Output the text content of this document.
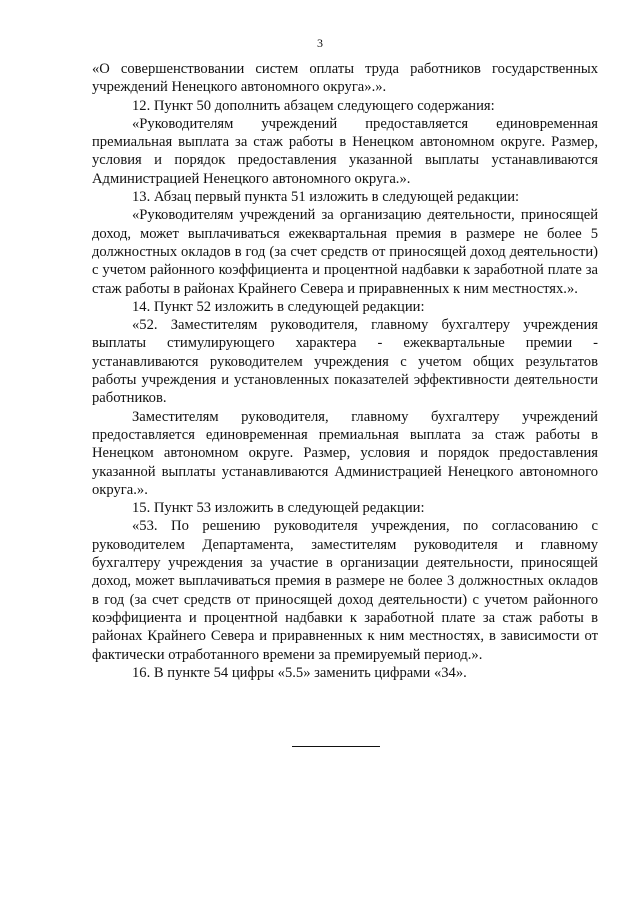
3

«О совершенствовании систем оплаты труда работников государственных учреждений Ненецкого автономного округа».».

12. Пункт 50 дополнить абзацем следующего содержания:

«Руководителям учреждений предоставляется единовременная премиальная выплата за стаж работы в Ненецком автономном округе. Размер, условия и порядок предоставления указанной выплаты устанавливаются Администрацией Ненецкого автономного округа.».

13. Абзац первый пункта 51 изложить в следующей редакции:

«Руководителям учреждений за организацию деятельности, приносящей доход, может выплачиваться ежеквартальная премия в размере не более 5 должностных окладов в год (за счет средств от приносящей доход деятельности) с учетом районного коэффициента и процентной надбавки к заработной плате за стаж работы в районах Крайнего Севера и приравненных к ним местностях.».

14. Пункт 52 изложить в следующей редакции:

«52. Заместителям руководителя, главному бухгалтеру учреждения выплаты стимулирующего характера - ежеквартальные премии - устанавливаются руководителем учреждения с учетом общих результатов работы учреждения и установленных показателей эффективности деятельности работников.

Заместителям руководителя, главному бухгалтеру учреждений предоставляется единовременная премиальная выплата за стаж работы в Ненецком автономном округе. Размер, условия и порядок предоставления указанной выплаты устанавливаются Администрацией Ненецкого автономного округа.».

15. Пункт 53 изложить в следующей редакции:

«53. По решению руководителя учреждения, по согласованию с руководителем Департамента, заместителям руководителя и главному бухгалтеру учреждения за участие в организации деятельности, приносящей доход, может выплачиваться премия в размере не более 3 должностных окладов в год (за счет средств от приносящей доход деятельности) с учетом районного коэффициента и процентной надбавки к заработной плате за стаж работы в районах Крайнего Севера и приравненных к ним местностях, в зависимости от фактически отработанного времени за премируемый период.».

16. В пункте 54 цифры «5.5» заменить цифрами «34».
